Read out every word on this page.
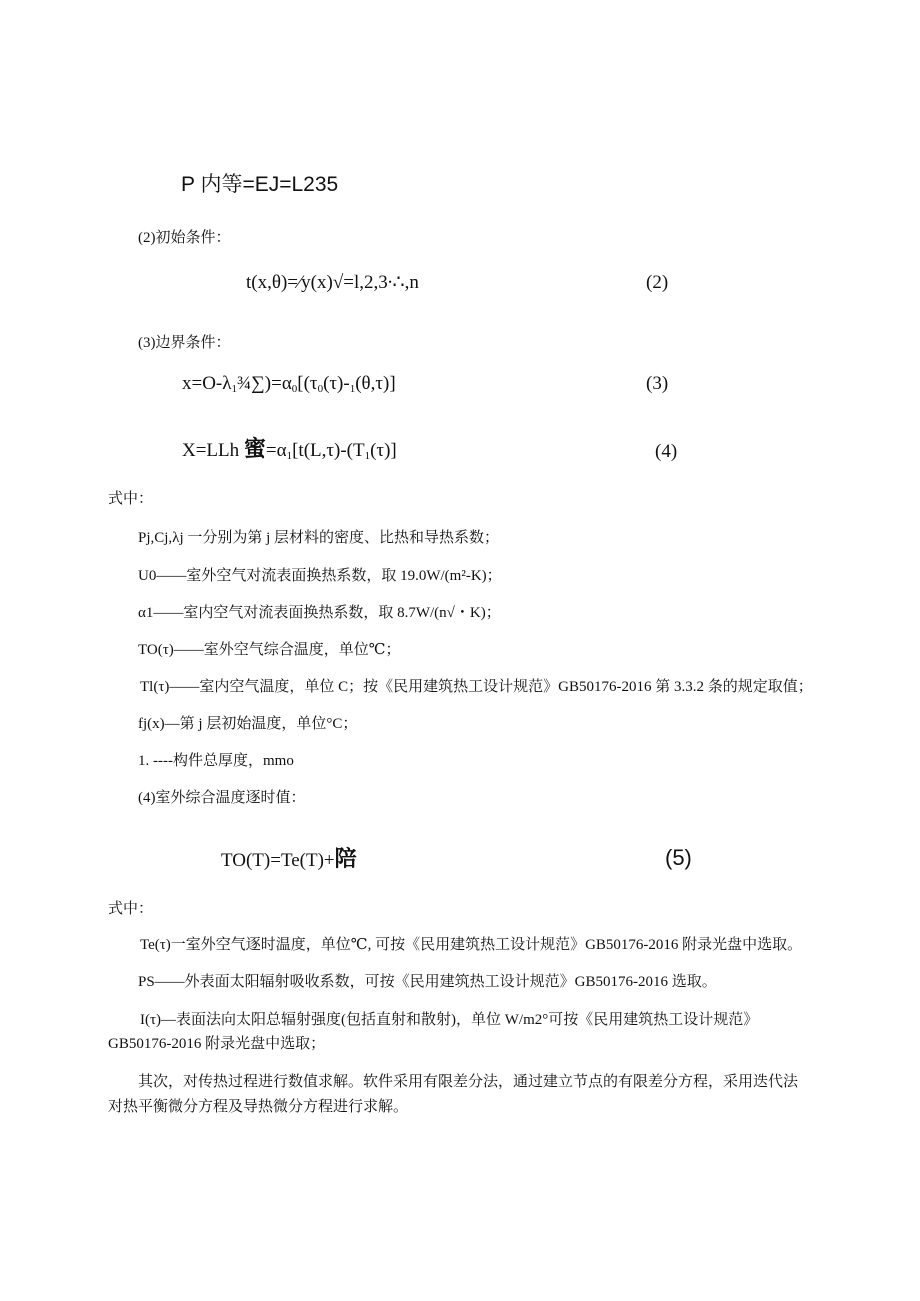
P 内等=EJ=L235
(2)初始条件：
t(x,θ)=⁄y(x)√=l,2,3∙∴,n	(2)
(3)边界条件：
$x=O-\lambda_1\frac{3}{4}\sum)=\alpha_0[(\tau_0(\tau)-_1(\theta,\tau)]$	(3)
X=LLh 蜜$=\alpha_1[t(L,\tau)-(T_1(\tau)]$	(4)
式中：
Pj,Cj,λj 一分别为第 j 层材料的密度、比热和导热系数；
U0——室外空气对流表面换热系数，取 19.0W/(m²-K)；
α1——室内空气对流表面换热系数，取 8.7W/(n√・K)；
TO(τ)——室外空气综合温度，单位℃；
Tl(τ)——室内空气温度，单位 C；按《民用建筑热工设计规范》GB50176-2016 第 3.3.2 条的规定取值；
fj(x)—第 j 层初始温度，单位°C；
1. ----构件总厚度，mmo
(4)室外综合温度逐时值：
TO(T)=Te(T)+陪	(5)
式中：
Te(τ)一室外空气逐时温度，单位℃, 可按《民用建筑热工设计规范》GB50176-2016 附录光盘中选取。
PS——外表面太阳辐射吸收系数，可按《民用建筑热工设计规范》GB50176-2016 选取。
I(τ)—表面法向太阳总辐射强度(包括直射和散射)，单位 W/m2°可按《民用建筑热工设计规范》
GB50176-2016 附录光盘中选取；
其次，对传热过程进行数值求解。软件采用有限差分法，通过建立节点的有限差分方程，采用迭代法
对热平衡微分方程及导热微分方程进行求解。
